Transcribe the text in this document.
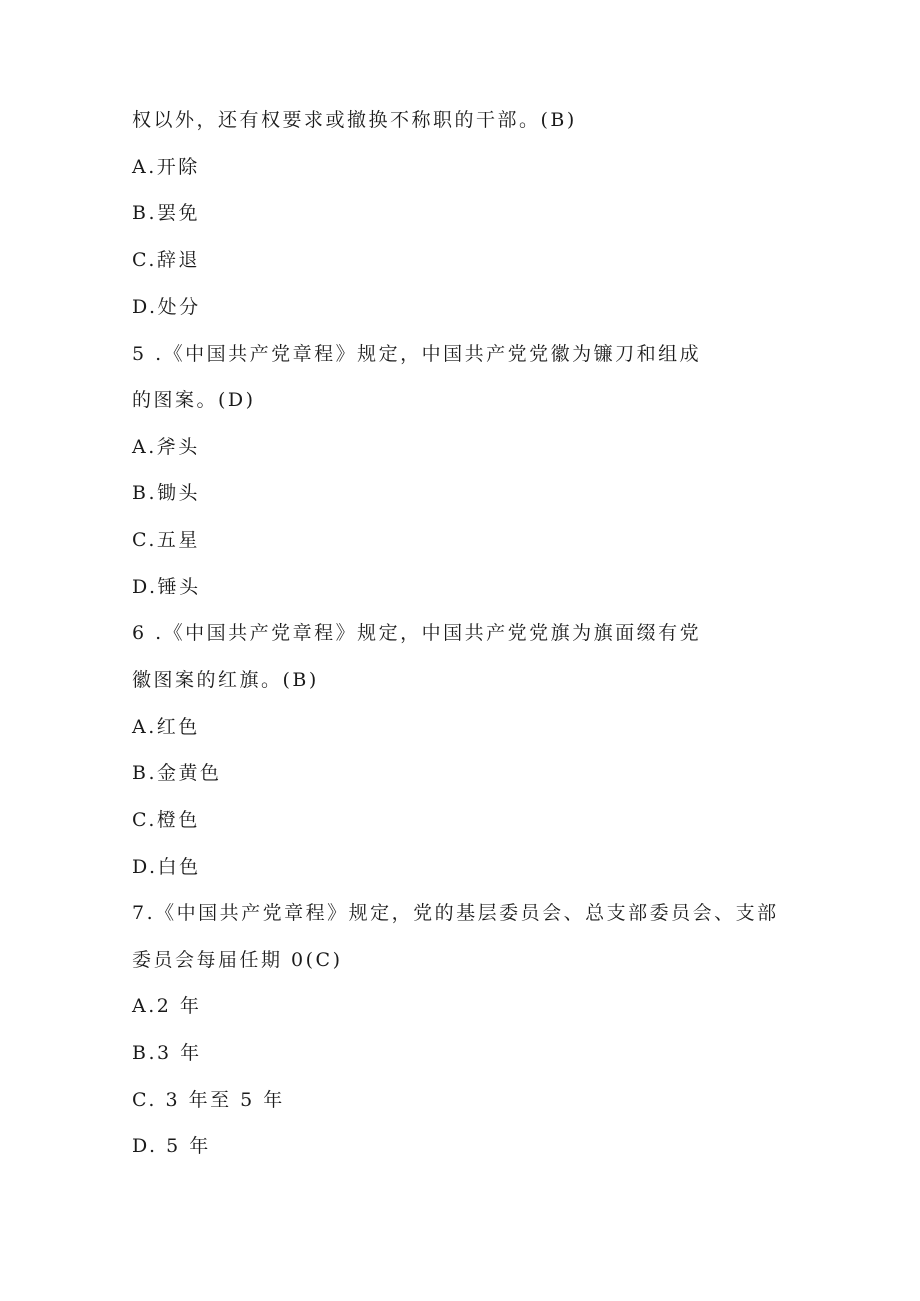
权以外，还有权要求或撤换不称职的干部。(B)
A.开除
B.罢免
C.辞退
D.处分
5 .《中国共产党章程》规定，中国共产党党徽为镰刀和组成
的图案。(D)
A.斧头
B.锄头
C.五星
D.锤头
6 .《中国共产党章程》规定，中国共产党党旗为旗面缀有党
徽图案的红旗。(B)
A.红色
B.金黄色
C.橙色
D.白色
7.《中国共产党章程》规定，党的基层委员会、总支部委员会、支部
委员会每届任期 0(C)
A.2 年
B.3 年
C. 3 年至 5 年
D. 5 年
